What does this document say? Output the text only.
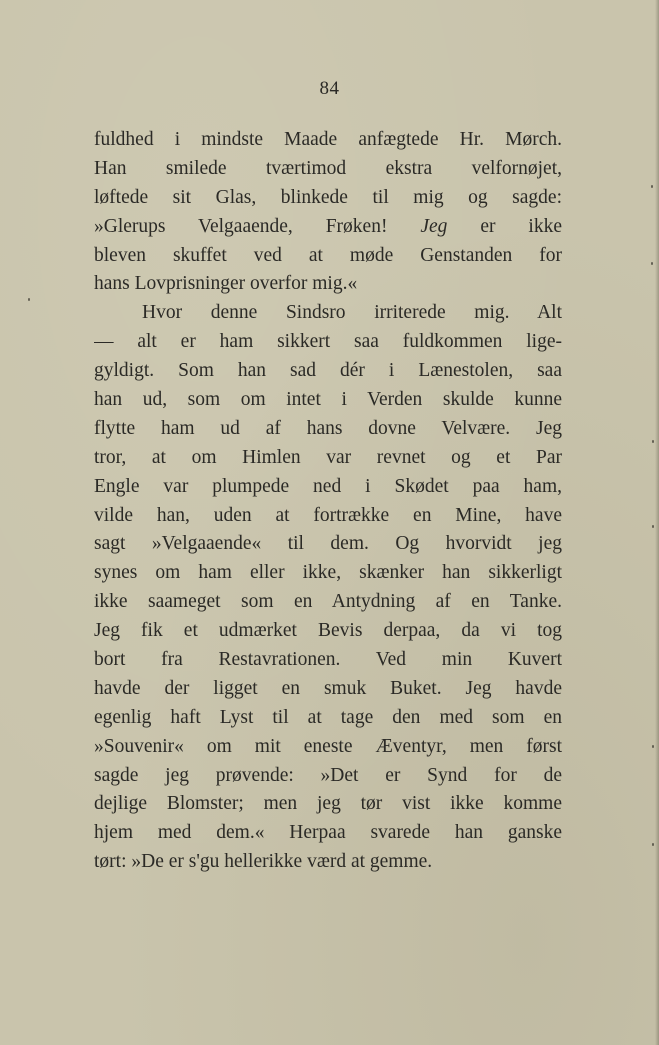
84
fuldhed i mindste Maade anfægtede Hr. Mørch.
Han smilede tværtimod ekstra velfornøjet,
løftede sit Glas, blinkede til mig og sagde:
»Glerups Velgaaende, Frøken! Jeg er ikke
bleven skuffet ved at møde Genstanden for
hans Lovprisninger overfor mig.«
Hvor denne Sindsro irriterede mig. Alt
— alt er ham sikkert saa fuldkommen lige-
gyldigt. Som han sad dér i Lænestolen, saa
han ud, som om intet i Verden skulde kunne
flytte ham ud af hans dovne Velvære. Jeg
tror, at om Himlen var revnet og et Par
Engle var plumpede ned i Skødet paa ham,
vilde han, uden at fortrække en Mine, have
sagt »Velgaaende« til dem. Og hvorvidt jeg
synes om ham eller ikke, skænker han sikkerligt
ikke saameget som en Antydning af en Tanke.
Jeg fik et udmærket Bevis derpaa, da vi tog
bort fra Restavrationen. Ved min Kuvert
havde der ligget en smuk Buket. Jeg havde
egenlig haft Lyst til at tage den med som en
»Souvenir« om mit eneste Æventyr, men først
sagde jeg prøvende: »Det er Synd for de
dejlige Blomster; men jeg tør vist ikke komme
hjem med dem.« Herpaa svarede han ganske
tørt: »De er s'gu hellerikke værd at gemme.
